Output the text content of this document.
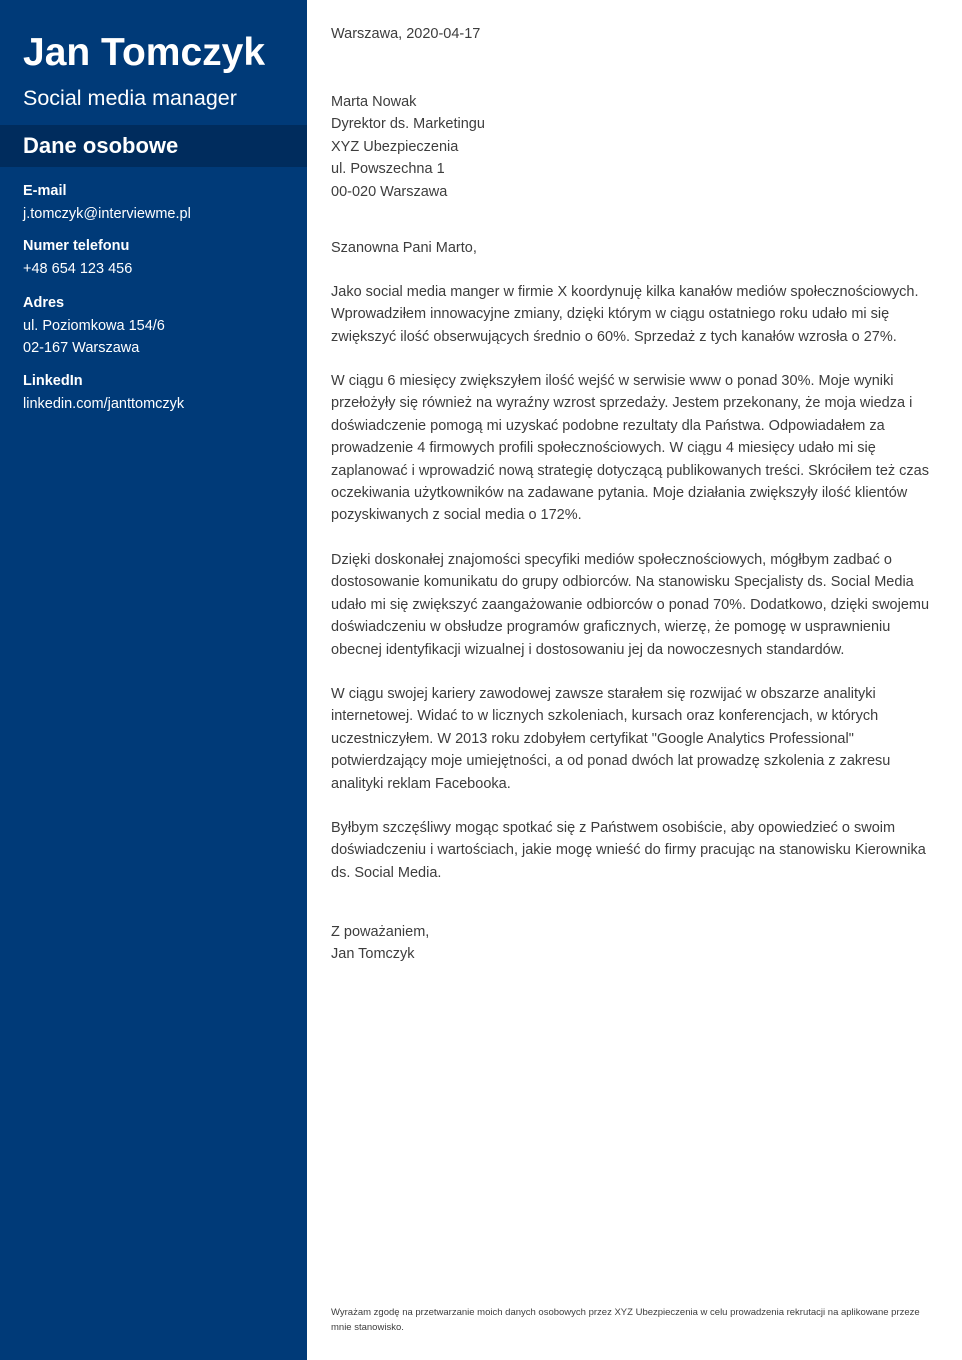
Jan Tomczyk
Social media manager
Dane osobowe
E-mail
j.tomczyk@interviewme.pl
Numer telefonu
+48 654 123 456
Adres
ul. Poziomkowa 154/6
02-167 Warszawa
LinkedIn
linkedin.com/janttomczyk
Warszawa, 2020-04-17
Marta Nowak
Dyrektor ds. Marketingu
XYZ Ubezpieczenia
ul. Powszechna 1
00-020 Warszawa
Szanowna Pani Marto,

Jako social media manger w firmie X koordynuję kilka kanałów mediów społecznościowych. Wprowadziłem innowacyjne zmiany, dzięki którym w ciągu ostatniego roku udało mi się zwiększyć ilość obserwujących średnio o 60%. Sprzedaż z tych kanałów wzrosła o 27%.

W ciągu 6 miesięcy zwiększyłem ilość wejść w serwisie www o ponad 30%. Moje wyniki przełożyły się również na wyraźny wzrost sprzedaży. Jestem przekonany, że moja wiedza i doświadczenie pomogą mi uzyskać podobne rezultaty dla Państwa. Odpowiadałem za prowadzenie 4 firmowych profili społecznościowych. W ciągu 4 miesięcy udało mi się zaplanować i wprowadzić nową strategię dotyczącą publikowanych treści. Skróciłem też czas oczekiwania użytkowników na zadawane pytania. Moje działania zwiększyły ilość klientów pozyskiwanych z social media o 172%.

Dzięki doskonałej znajomości specyfiki mediów społecznościowych, mógłbym zadbać o dostosowanie komunikatu do grupy odbiorców. Na stanowisku Specjalisty ds. Social Media udało mi się zwiększyć zaangażowanie odbiorców o ponad 70%. Dodatkowo, dzięki swojemu doświadczeniu w obsłudze programów graficznych, wierzę, że pomogę w usprawnieniu obecnej identyfikacji wizualnej i dostosowaniu jej da nowoczesnych standardów.

W ciągu swojej kariery zawodowej zawsze starałem się rozwijać w obszarze analityki internetowej. Widać to w licznych szkoleniach, kursach oraz konferencjach, w których uczestniczyłem. W 2013 roku zdobyłem certyfikat "Google Analytics Professional" potwierdzający moje umiejętności, a od ponad dwóch lat prowadzę szkolenia z zakresu analityki reklam Facebooka.

Byłbym szczęśliwy mogąc spotkać się z Państwem osobiście, aby opowiedzieć o swoim doświadczeniu i wartościach, jakie mogę wnieść do firmy pracując na stanowisku Kierownika ds. Social Media.

Z poważaniem,
Jan Tomczyk
Wyrażam zgodę na przetwarzanie moich danych osobowych przez XYZ Ubezpieczenia w celu prowadzenia rekrutacji na aplikowane przeze mnie stanowisko.
